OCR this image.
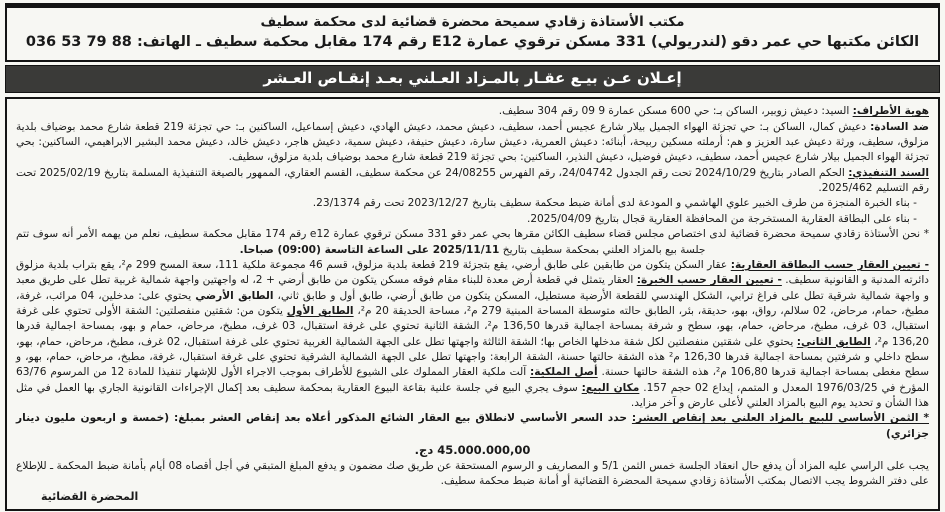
مكتب الأستاذة زقادي سميحة محضرة قضائية لدى محكمة سطيف
الكائن مكتبها حي عمر دقو (لندريولي) 331 مسكن ترقوي عمارة E12 رقم 174 مقابل محكمة سطيف ـ الهاتف: 88 79 53 036
إعـلان عـن بيـع عقـار بالمـزاد العـلني بعـد إنقـاص العـشر

هوية الأطراف: السيد: دعيش زوبير، الساكن بـ: حي 600 مسكن عمارة 9 09 رقم 304 سطيف.

ضد السادة: دعيش كمال، الساكن بـ: حي تجزئة الهواء الجميل بيلار شارع عجيس أحمد، سطيف، دعيش محمد، دعيش الهادي، دعيش إسماعيل، الساكنين بـ: حي تجزئة 219 قطعة شارع محمد بوضياف بلدية مزلوق، سطيف، ورثة دعيش عبد العزيز و هم: أرملته مسكين ربيحة، أبنائه: دعيش العمرية، دعيش سارة، دعيش حنيفة، دعيش سمية، دعيش هاجر، دعيش خالد، دعيش محمد البشير الابراهيمي، الساكنين: بحي تجزئة الهواء الجميل بيلار شارع عجيس أحمد، سطيف، دعيش فوضيل، دعيش النذير، الساكنين: بحي تجزئة 219 قطعة شارع محمد بوضياف بلدية مزلوق، سطيف.

السند التنفيذي: الحكم الصادر بتاريخ 2024/10/29 تحت رقم الجدول 24/04742، رقم الفهرس 24/08255 عن محكمة سطيف، القسم العقاري، الممهور بالصيغة التنفيذية المسلمة بتاريخ 2025/02/19 تحت رقم التسليم 2025/462.

- بناء الخبرة المنجزة من طرف الخبير علوي الهاشمي و المودعة لدى أمانة ضبط محكمة سطيف بتاريخ 2023/12/27 تحت رقم 23/1374.

- بناء على البطاقة العقارية المستخرجة من المحافظة العقارية قجال بتاريخ 2025/04/09.

* نحن الأستاذة زقادي سميحة محضرة قضائية لدى اختصاص مجلس قضاء سطيف الكائن مقرها بحي عمر دقو 331 مسكن ترقوي عمارة e12 رقم 174 مقابل محكمة سطيف، نعلم من يهمه الأمر أنه سوف تتم جلسة بيع بالمزاد العلني بمحكمة سطيف بتاريخ 2025/11/11 على الساعة التاسعة (09:00) صباحا.

- تعيين العقار حسب البطاقة العقارية: عقار السكن يتكون من طابقين على طابق أرضي، يقع بتجزئة 219 قطعة بلدية مزلوق، قسم 46 مجموعة ملكية 111، سعة المسح 299 م²، يقع بتراب بلدية مزلوق دائرته المدنية و القانونية سطيف. - تعيين العقار حسب الخبرة: العقار يتمثل في قطعة أرض معدة للبناء مقام فوقه مسكن يتكون من طابق أرضي + 2، له واجهتين واجهة شمالية غربية تطل على طريق معبد و واجهة شمالية شرقية تطل على فراغ ترابي، الشكل الهندسي للقطعة الأرضية مستطيل، المسكن يتكون من طابق أرضي، طابق أول و طابق ثاني، الطابق الأرضي يحتوي على: مدخلين، 04 مرائب، غرفة، مطبخ، حمام، مرحاض، 02 سلالم، رواق، بهو، حديقة، بئر، الطابق حالته متوسطة المساحة المبنية 279 م²، مساحة الحديقة 20 م²، الطابق الأول يتكون من: شقتين منفصلتين: الشقة الأولى تحتوي على غرفة استقبال، 03 غرف، مطبخ، مرحاض، حمام، بهو، سطح و شرفة بمساحة اجمالية قدرها 136,50 م²، الشقة الثانية تحتوي على غرفة استقبال، 03 غرف، مطبخ، مرحاض، حمام و بهو، بمساحة اجمالية قدرها 136,20 م²، الطابق الثاني: يحتوي على شقتين منفصلتين لكل شقة مدخلها الخاص بها؛ الشقة الثالثة واجهتها تطل على الجهة الشمالية الغربية تحتوي على غرفة استقبال، 02 غرف، مطبخ، مرحاض، حمام، بهو، سطح داخلي و شرفتين بمساحة اجمالية قدرها 126,30 م² هذه الشقة حالتها حسنة، الشقة الرابعة: واجهتها تطل على الجهة الشمالية الشرقية تحتوي على غرفة استقبال، غرفة، مطبخ، مرحاض، حمام، بهو، و سطح مغطى بمساحة اجمالية قدرها 106,80 م²، هذه الشقة حالتها حسنة. أصل الملكية: آلت ملكية العقار المملوك على الشيوع للأطراف بموجب الاجراء الأول للإشهار تنفيذا للمادة 12 من المرسوم 63/76 المؤرخ في 1976/03/25 المعدل و المتمم، إيداع 02 حجم 157. مكان البيع: سوف يجري البيع في جلسة علنية بقاعة البيوع العقارية بمحكمة سطيف بعد إكمال الإجراءات القانونية الجاري بها العمل في مثل هذا الشأن و تحديد يوم البيع بالمزاد العلني لأعلى عارض و آخر مزايد.

* الثمن الأساسي للبيع بالمزاد العلني بعد إنقاص العشر: حدد السعر الأساسي لانطلاق بيع العقار الشائع المذكور أعلاه بعد إنقاص العشر بمبلغ: (خمسة و اربعون مليون دينار جزائري)

45.000.000,00 دج.

يجب على الراسي عليه المزاد أن يدفع حال انعقاد الجلسة خمس الثمن 5/1 و المصاريف و الرسوم المستحقة عن طريق صك مضمون و يدفع المبلغ المتبقي في أجل أقصاه 08 أيام بأمانة ضبط المحكمة ـ للإطلاع على دفتر الشروط يجب الاتصال بمكتب الأستاذة زقادي سميحة المحضرة القضائية أو أمانة ضبط محكمة سطيف.

المحضرة القضائية
